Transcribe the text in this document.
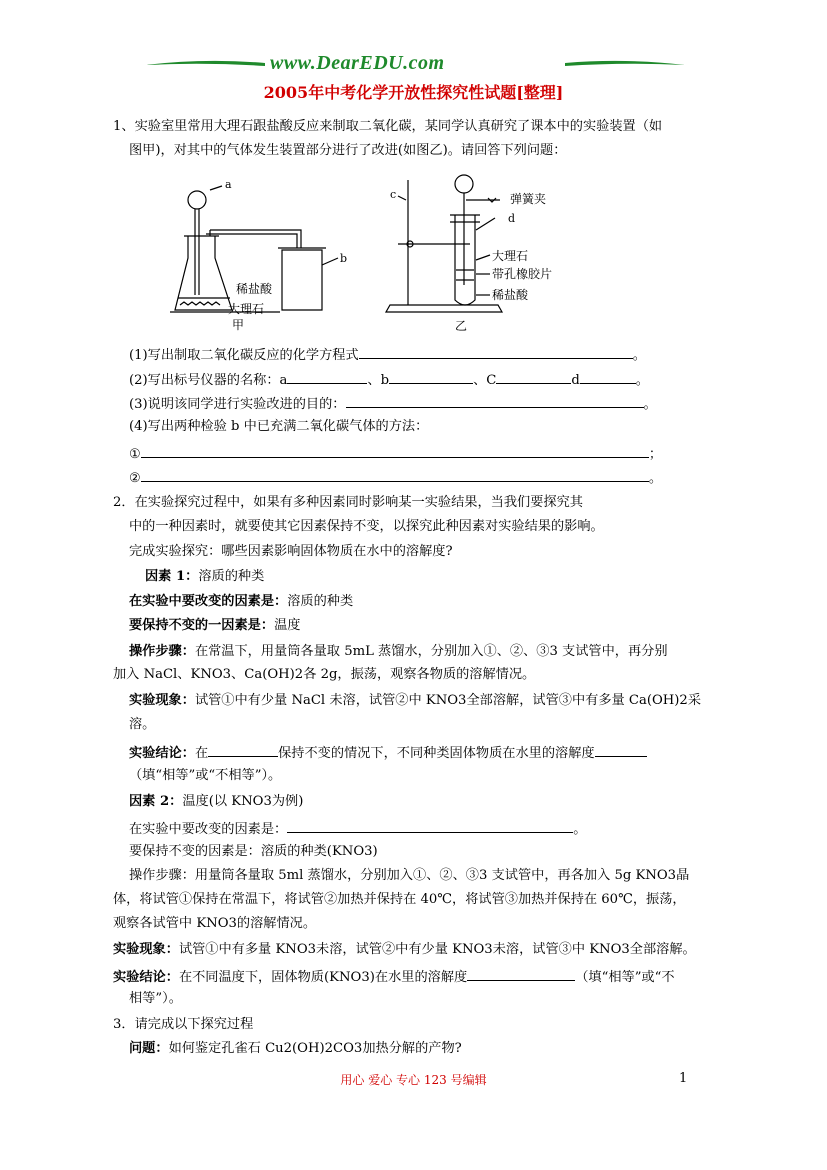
www.DearEDU.com
2005年中考化学开放性探究性试题[整理]
1、实验室里常用大理石跟盐酸反应来制取二氧化碳，某同学认真研究了课本中的实验装置（如
图甲)，对其中的气体发生装置部分进行了改进(如图乙)。请回答下列问题：
a
b
c
d
稀盐酸
大理石
甲
弹簧夹
大理石
带孔橡胶片
稀盐酸
乙
(1)写出制取二氧化碳反应的化学方程式	。
(2)写出标号仪器的名称：a	、b	、C	d	。
(3)说明该同学进行实验改进的目的：	。
(4)写出两种检验 b 中已充满二氧化碳气体的方法：
①	；
②	。
2．在实验探究过程中，如果有多种因素同时影响某一实验结果，当我们要探究其
中的一种因素时，就要使其它因素保持不变，以探究此种因素对实验结果的影响。
完成实验探究：哪些因素影响固体物质在水中的溶解度?
因素 1：溶质的种类
在实验中要改变的因素是：溶质的种类
要保持不变的一因素是：温度
操作步骤：在常温下，用量筒各量取 5mL 蒸馏水，分别加入①、②、③3 支试管中，再分别
加入 NaCl、KNO3、Ca(OH)2各 2g，振荡，观察各物质的溶解情况。
实验现象：试管①中有少量 NaCl 未溶，试管②中 KNO3全部溶解，试管③中有多量 Ca(OH)2采
溶。
实验结论：在	保持不变的情况下，不同种类固体物质在水里的溶解度
（填“相等”或“不相等”）。
因素 2：温度(以 KNO3为例)
在实验中要改变的因素是：	。
要保持不变的因素是：溶质的种类(KNO3)
操作步骤：用量筒各量取 5ml 蒸馏水，分别加入①、②、③3 支试管中，再各加入 5g KNO3晶
体，将试管①保持在常温下，将试管②加热并保持在 40℃，将试管③加热并保持在 60℃，振荡，
观察各试管中 KNO3的溶解情况。
实验现象：试管①中有多量 KNO3未溶，试管②中有少量 KNO3未溶，试管③中 KNO3全部溶解。
实验结论：在不同温度下，固体物质(KNO3)在水里的溶解度	（填“相等”或“不
相等”）。
3．请完成以下探究过程
问题：如何鉴定孔雀石 Cu2(OH)2CO3加热分解的产物?
用心 爱心 专心 123 号编辑	1
